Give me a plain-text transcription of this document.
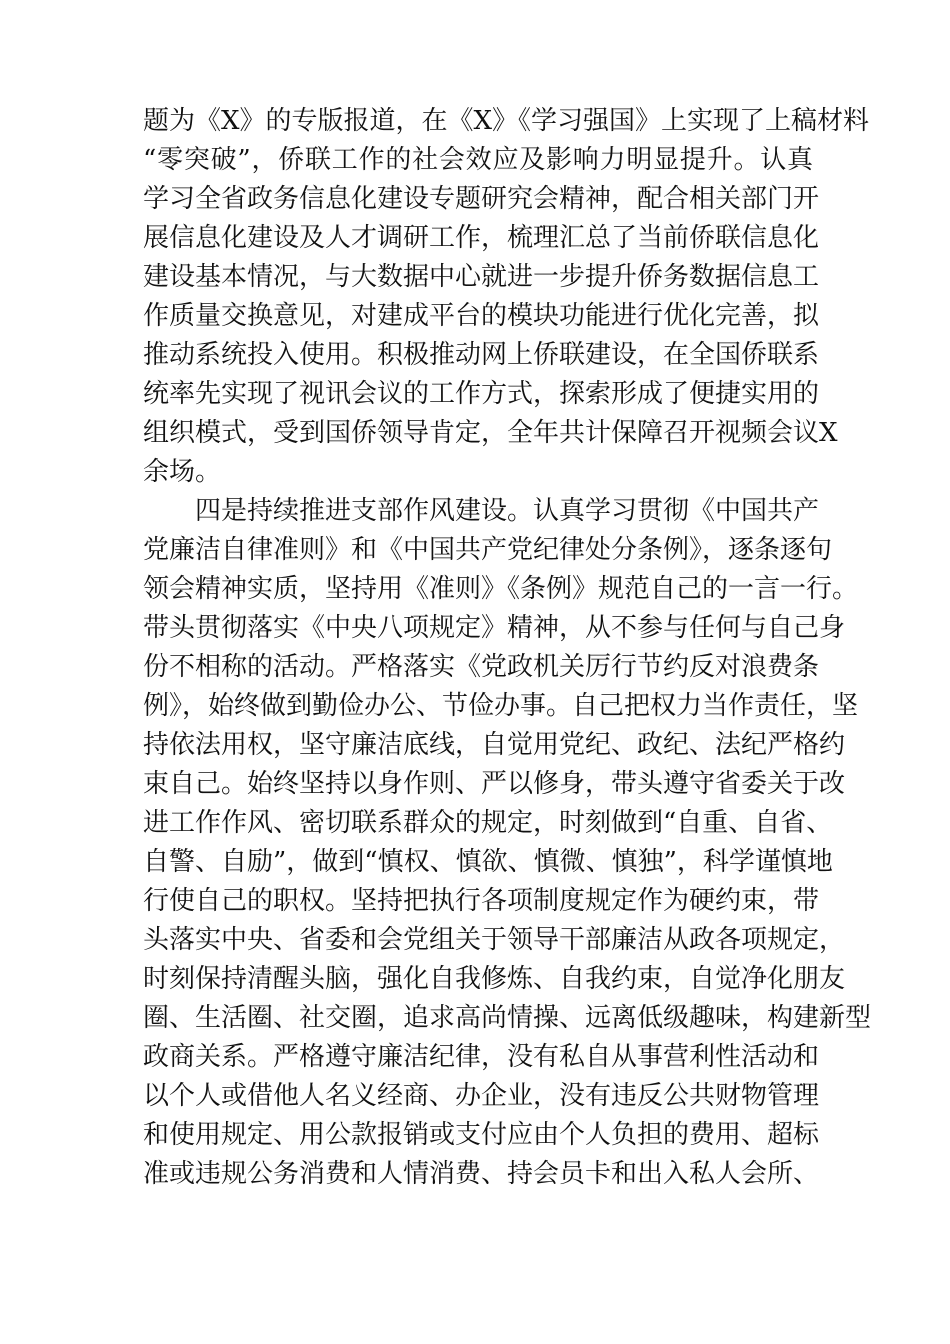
题为《X》的专版报道，在《X》《学习强国》上实现了上稿材料
“零突破”，侨联工作的社会效应及影响力明显提升。认真
学习全省政务信息化建设专题研究会精神，配合相关部门开
展信息化建设及人才调研工作，梳理汇总了当前侨联信息化
建设基本情况，与大数据中心就进一步提升侨务数据信息工
作质量交换意见，对建成平台的模块功能进行优化完善，拟
推动系统投入使用。积极推动网上侨联建设，在全国侨联系
统率先实现了视讯会议的工作方式，探索形成了便捷实用的
组织模式，受到国侨领导肯定，全年共计保障召开视频会议X
余场。
四是持续推进支部作风建设。认真学习贯彻《中国共产
党廉洁自律准则》和《中国共产党纪律处分条例》，逐条逐句
领会精神实质，坚持用《准则》《条例》规范自己的一言一行。
带头贯彻落实《中央八项规定》精神，从不参与任何与自己身
份不相称的活动。严格落实《党政机关厉行节约反对浪费条
例》，始终做到勤俭办公、节俭办事。自己把权力当作责任，坚
持依法用权，坚守廉洁底线，自觉用党纪、政纪、法纪严格约
束自己。始终坚持以身作则、严以修身，带头遵守省委关于改
进工作作风、密切联系群众的规定，时刻做到“自重、自省、
自警、自励”，做到“慎权、慎欲、慎微、慎独”，科学谨慎地
行使自己的职权。坚持把执行各项制度规定作为硬约束，带
头落实中央、省委和会党组关于领导干部廉洁从政各项规定，
时刻保持清醒头脑，强化自我修炼、自我约束，自觉净化朋友
圈、生活圈、社交圈，追求高尚情操、远离低级趣味，构建新型
政商关系。严格遵守廉洁纪律，没有私自从事营利性活动和
以个人或借他人名义经商、办企业，没有违反公共财物管理
和使用规定、用公款报销或支付应由个人负担的费用、超标
准或违规公务消费和人情消费、持会员卡和出入私人会所、
